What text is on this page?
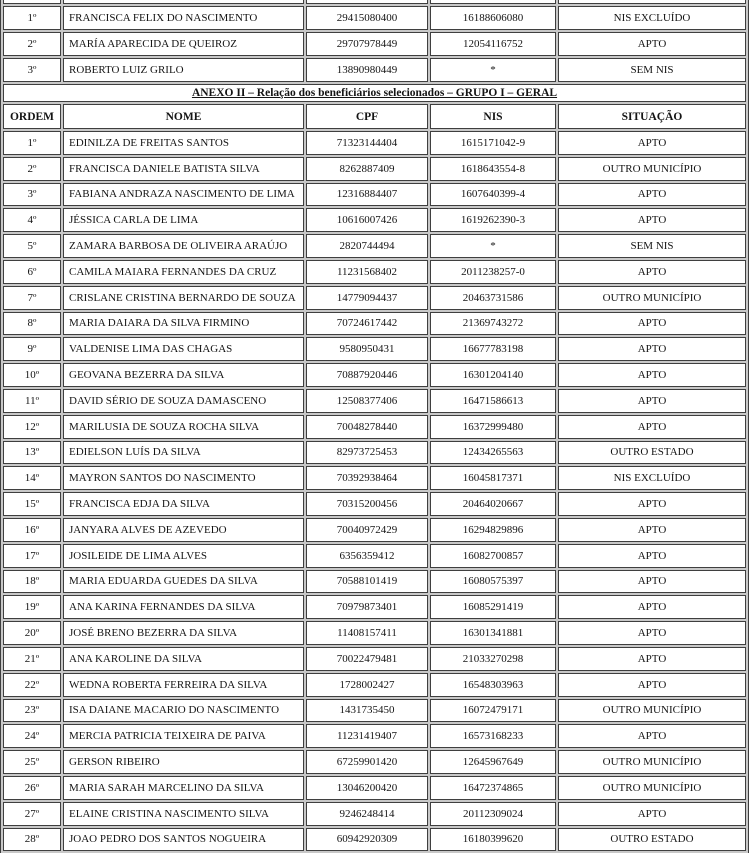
1º	FRANCISCA FELIX DO NASCIMENTO	29415080400	16188606080	NIS EXCLUÍDO
2º	MARÍA APARECIDA DE QUEIROZ	29707978449	12054116752	APTO
3º	ROBERTO LUIZ GRILO	13890980449	*	SEM NIS
ANEXO II – Relação dos beneficiários selecionados – GRUPO I – GERAL				
ORDEM	NOME	CPF	NIS	SITUAÇÃO
1º	EDINILZA DE FREITAS SANTOS	71323144404	1615171042-9	APTO
2º	FRANCISCA DANIELE BATISTA SILVA	8262887409	1618643554-8	OUTRO MUNICÍPIO
3º	FABIANA ANDRAZA NASCIMENTO DE LIMA	12316884407	1607640399-4	APTO
4º	JÉSSICA CARLA DE LIMA	10616007426	1619262390-3	APTO
5º	ZAMARA BARBOSA DE OLIVEIRA ARAÚJO	2820744494	*	SEM NIS
6º	CAMILA MAIARA FERNANDES DA CRUZ	11231568402	2011238257-0	APTO
7º	CRISLANE CRISTINA BERNARDO DE SOUZA	14779094437	20463731586	OUTRO MUNICÍPIO
8º	MARIA DAIARA DA SILVA FIRMINO	70724617442	21369743272	APTO
9º	VALDENISE LIMA DAS CHAGAS	9580950431	16677783198	APTO
10º	GEOVANA BEZERRA DA SILVA	70887920446	16301204140	APTO
11º	DAVID SÉRIO DE SOUZA DAMASCENO	12508377406	16471586613	APTO
12º	MARILUSIA DE SOUZA ROCHA SILVA	70048278440	16372999480	APTO
13º	EDIELSON LUÍS DA SILVA	82973725453	12434265563	OUTRO ESTADO
14º	MAYRON SANTOS DO NASCIMENTO	70392938464	16045817371	NIS EXCLUÍDO
15º	FRANCISCA EDJA DA SILVA	70315200456	20464020667	APTO
16º	JANYARA ALVES DE AZEVEDO	70040972429	16294829896	APTO
17º	JOSILEIDE DE LIMA ALVES	6356359412	16082700857	APTO
18º	MARIA EDUARDA GUEDES DA SILVA	70588101419	16080575397	APTO
19º	ANA KARINA FERNANDES DA SILVA	70979873401	16085291419	APTO
20º	JOSÉ BRENO BEZERRA DA SILVA	11408157411	16301341881	APTO
21º	ANA KAROLINE DA SILVA	70022479481	21033270298	APTO
22º	WEDNA ROBERTA FERREIRA DA SILVA	1728002427	16548303963	APTO
23º	ISA DAIANE MACARIO DO NASCIMENTO	1431735450	16072479171	OUTRO MUNICÍPIO
24º	MERCIA PATRICIA TEIXEIRA DE PAIVA	11231419407	16573168233	APTO
25º	GERSON RIBEIRO	67259901420	12645967649	OUTRO MUNICÍPIO
26º	MARIA SARAH MARCELINO DA SILVA	13046200420	16472374865	OUTRO MUNICÍPIO
27º	ELAINE CRISTINA NASCIMENTO SILVA	9246248414	20112309024	APTO
28º	JOAO PEDRO DOS SANTOS NOGUEIRA	60942920309	16180399620	OUTRO ESTADO
